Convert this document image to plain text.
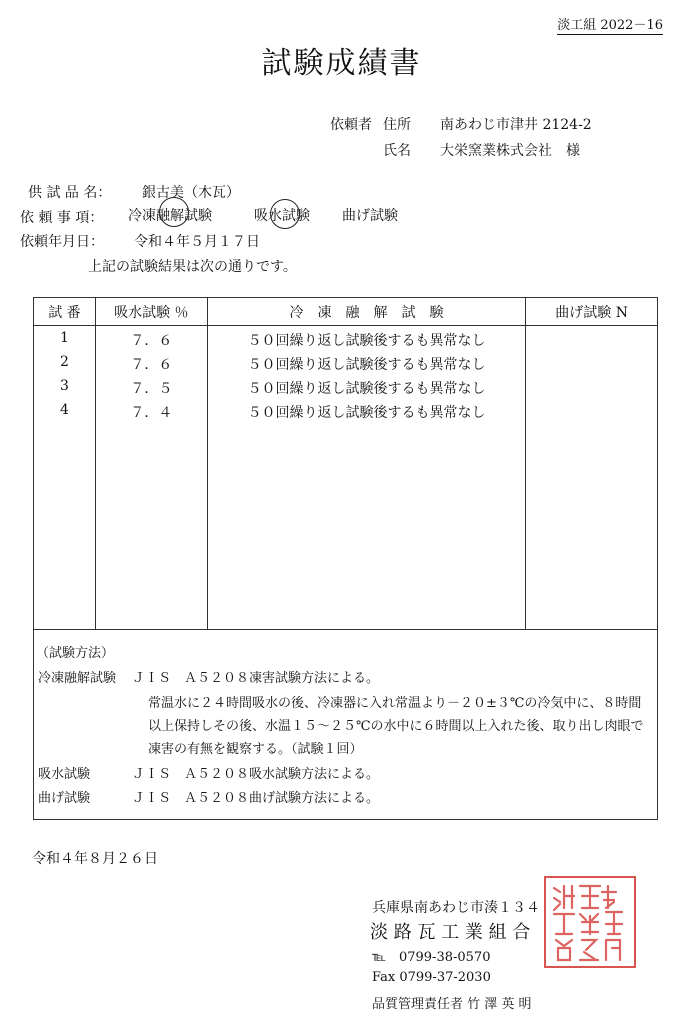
淡工組 2022－16
試験成績書
依頼者 住所 南あわじ市津井 2124-2
氏名 大栄窯業株式会社　様
供 試 品 名： 銀古美（木瓦）
依 頼 事 項： 冷凍融解試験	吸水試験 曲げ試験
依頼年月日： 令和４年５月１７日
上記の試験結果は次の通りです。
試 番	吸水試験 ％	冷　凍　融　解　試　験	曲げ試験 N
1	７．６	５０回繰り返し試験後するも異常なし	
2	７．６	５０回繰り返し試験後するも異常なし	
3	７．５	５０回繰り返し試験後するも異常なし	
4	７．４	５０回繰り返し試験後するも異常なし	

（試験方法）
冷凍融解試験 ＪＩＳ　Ａ５２０８凍害試験方法による。
常温水に２４時間吸水の後、冷凍器に入れ常温より－２０±３℃の冷気中に、８時間
以上保持しその後、水温１５～２５℃の水中に６時間以上入れた後、取り出し肉眼で
凍害の有無を観察する。（試験１回）
吸水試験	ＪＩＳ　Ａ５２０８吸水試験方法による。
曲げ試験	ＪＩＳ　Ａ５２０８曲げ試験方法による。
令和４年８月２６日
兵庫県南あわじ市湊１３４
淡 路 瓦 工 業 組 合
℡　0799-38-0570
Fax 0799-37-2030
品質管理責任者 竹 澤 英 明
